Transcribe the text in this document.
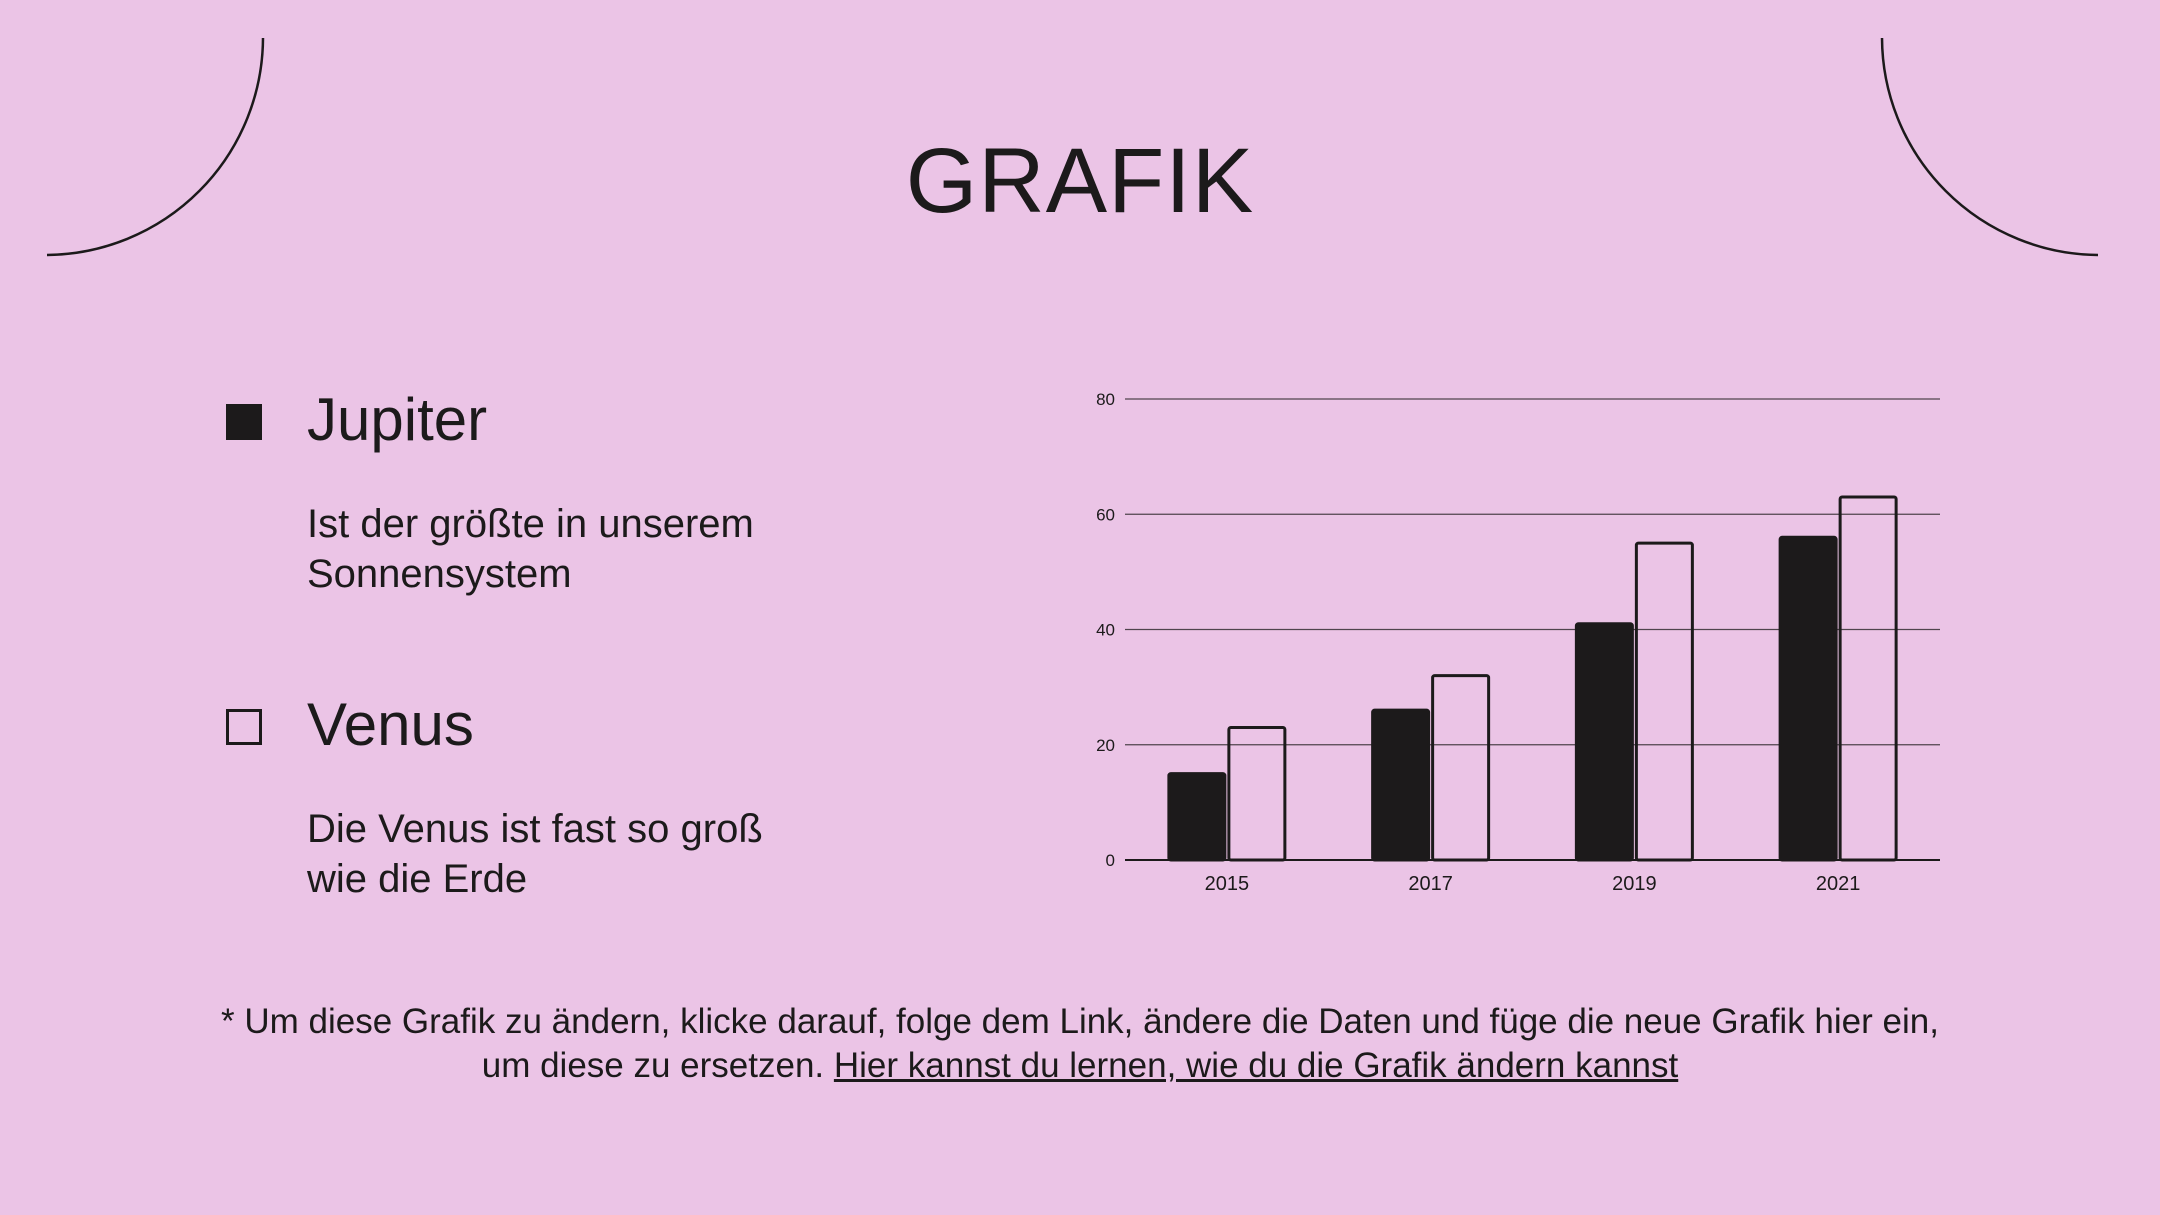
GRAFIK
Jupiter
Ist der größte in unserem Sonnensystem
Venus
Die Venus ist fast so groß wie die Erde	0
20
40
60
80
2015	2017	2019	2021
* Um diese Grafik zu ändern, klicke darauf, folge dem Link, ändere die Daten und füge die neue Grafik hier ein,
um diese zu ersetzen. Hier kannst du lernen, wie du die Grafik ändern kannst
